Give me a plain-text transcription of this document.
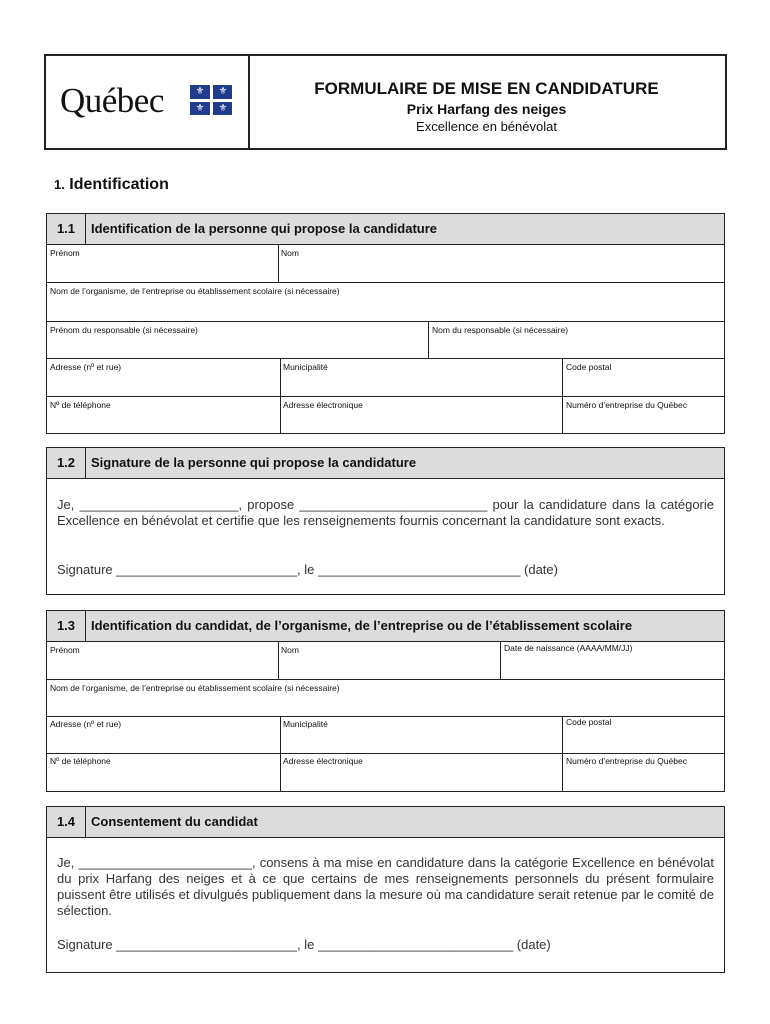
Québec	⚜	⚜
⚜	⚜
FORMULAIRE DE MISE EN CANDIDATURE
Prix Harfang des neiges
Excellence en bénévolat
1. Identification
1.1	Identification de la personne qui propose la candidature
Prénom	Nom
Nom de l’organisme, de l’entreprise ou établissement scolaire (si nécessaire)
Prénom du responsable (si nécessaire)	Nom du responsable (si nécessaire)
Adresse (nº et rue)	Municipalité	Code postal
Nº de téléphone	Adresse électronique	Numéro d’entreprise du Québec
1.2	Signature de la personne qui propose la candidature
Je, ______________________, propose __________________________ pour la candidature dans la catégorie Excellence en bénévolat et certifie que les renseignements fournis concernant la candidature sont exacts.
Signature _________________________, le ____________________________ (date)
1.3	Identification du candidat, de l’organisme, de l’entreprise ou de l’établissement scolaire
Prénom	Nom	Date de naissance (AAAA/MM/JJ)
Nom de l’organisme, de l’entreprise ou établissement scolaire (si nécessaire)
Adresse (nº et rue)	Municipalité	Code postal
Nº de téléphone	Adresse électronique	Numéro d’entreprise du Québec
1.4	Consentement du candidat
Je, ________________________, consens à ma mise en candidature dans la catégorie Excellence en bénévolat du prix Harfang des neiges et à ce que certains de mes renseignements personnels du présent formulaire puissent être utilisés et divulgués publiquement dans la mesure où ma candidature serait retenue par le comité de sélection.
Signature _________________________, le ___________________________ (date)
